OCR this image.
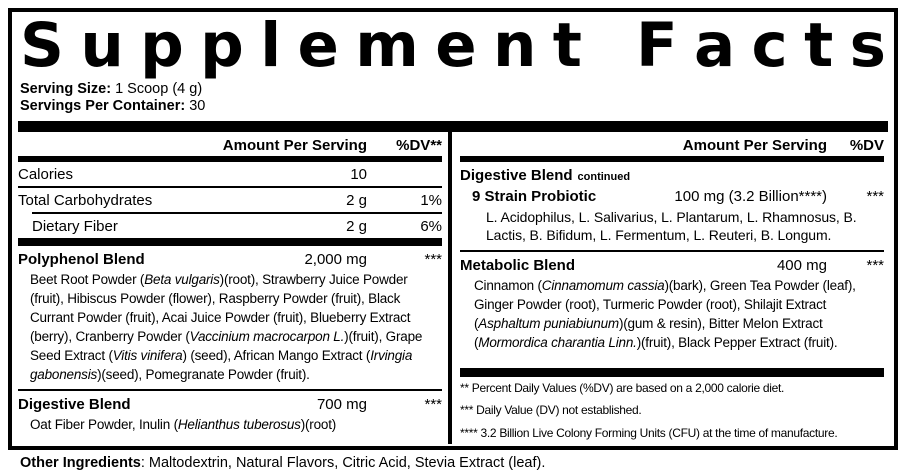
S u p p l e m e n t
F a c t s
Serving Size: 1 Scoop (4 g)
Servings Per Container: 30
Amount Per Serving	%DV**
Calories	10
Total Carbohydrates	2 g	1%
Dietary Fiber	2 g	6%
Polyphenol Blend	2,000 mg	***
Beet Root Powder (Beta vulgaris)(root), Strawberry Juice Powder (fruit), Hibiscus Powder (flower), Raspberry Powder (fruit), Black Currant Powder (fruit), Acai Juice Powder (fruit), Blueberry Extract (berry), Cranberry Powder (Vaccinium macrocarpon L.)(fruit), Grape Seed Extract (Vitis vinifera) (seed), African Mango Extract (Irvingia gabonensis)(seed), Pomegranate Powder (fruit).
Digestive Blend	700 mg	***
Oat Fiber Powder, Inulin (Helianthus tuberosus)(root)
Amount Per Serving	%DV
Digestive Blend continued
9 Strain Probiotic	100 mg (3.2 Billion****)	***
L. Acidophilus, L. Salivarius, L. Plantarum, L. Rhamnosus, B. Lactis, B. Bifidum, L. Fermentum, L. Reuteri, B. Longum.
Metabolic Blend	400 mg	***
Cinnamon (Cinnamomum cassia)(bark), Green Tea Powder (leaf), Ginger Powder (root), Turmeric Powder (root), Shilajit Extract (Asphaltum puniabiunum)(gum & resin), Bitter Melon Extract (Mormordica charantia Linn.)(fruit), Black Pepper Extract (fruit).
** Percent Daily Values (%DV) are based on a 2,000 calorie diet.
*** Daily Value (DV) not established.
**** 3.2 Billion Live Colony Forming Units (CFU) at the time of manufacture.
Other Ingredients: Maltodextrin, Natural Flavors, Citric Acid, Stevia Extract (leaf).
